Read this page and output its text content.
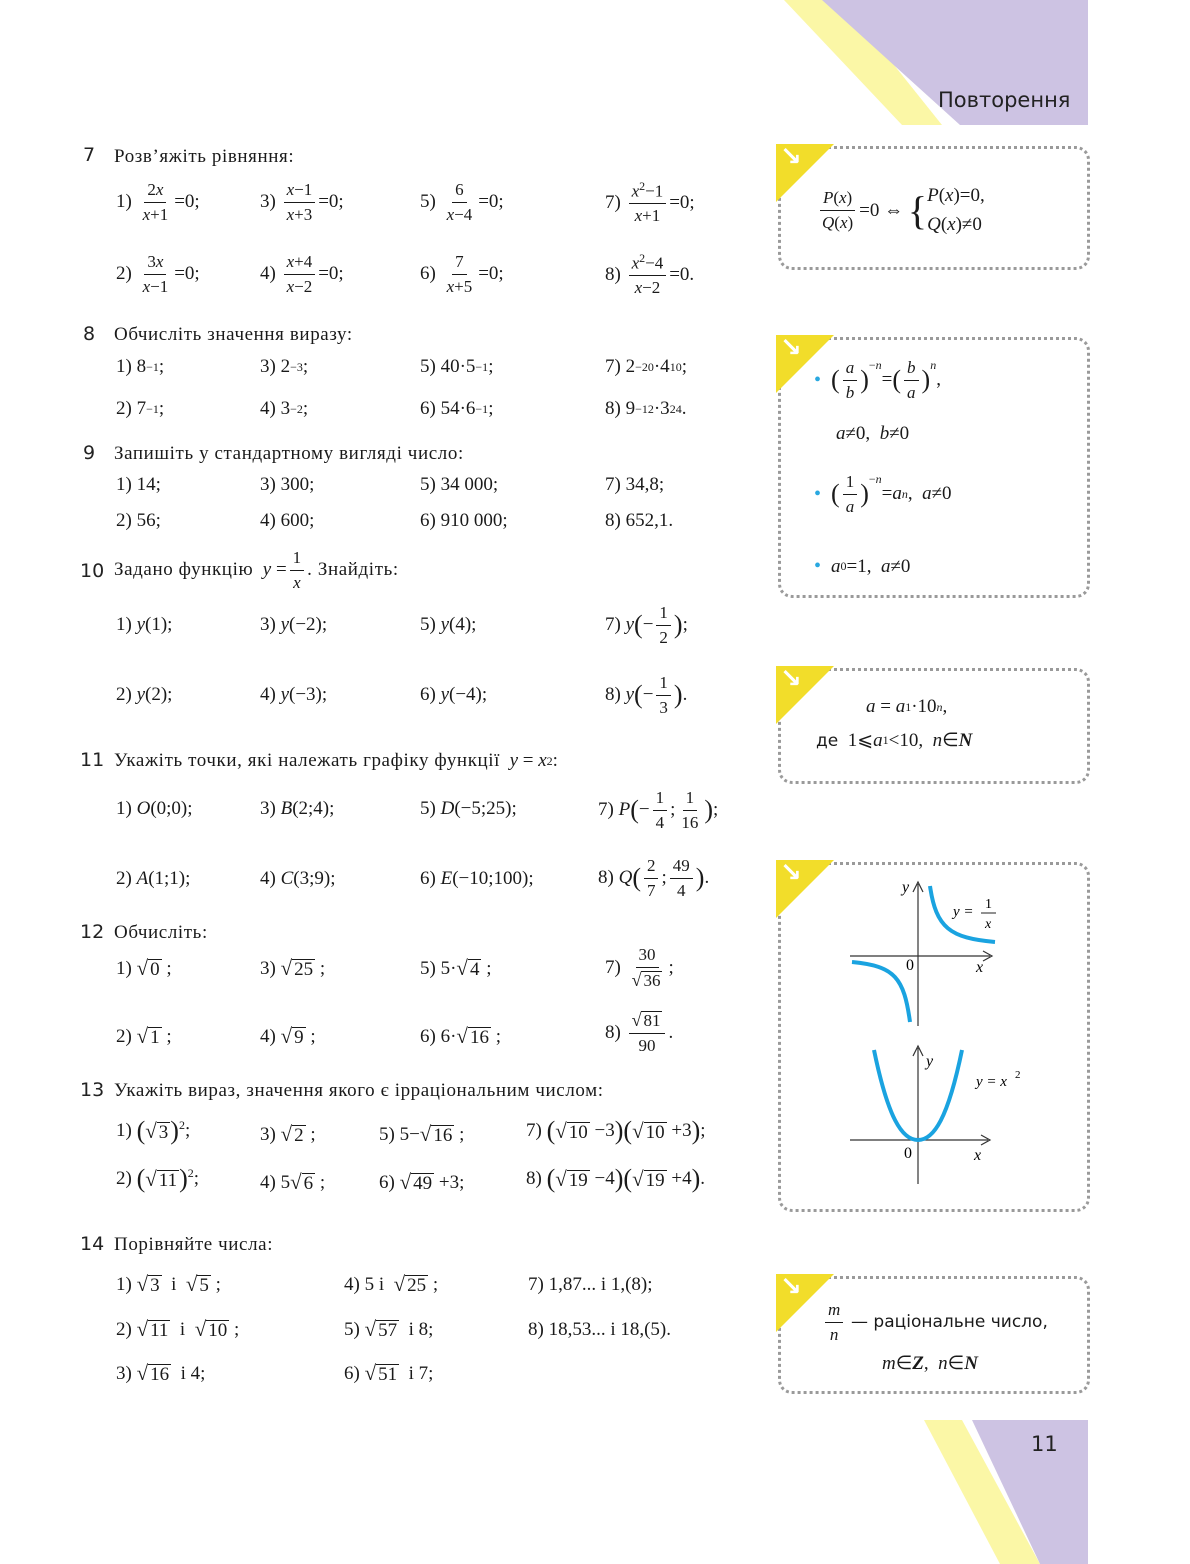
Повторення
11
7 Розв’яжіть рівняння:
$1) \frac{2x}{x+1} =0$;	$3) \frac{x-1}{x+3} =0$;	$5) \frac{6}{x-4} =0$;	$7) \frac{x^2-1}{x+1} =0$;
$2) \frac{3x}{x-1} =0$;	$4) \frac{x+4}{x-2} =0$;	$6) \frac{7}{x+5} =0$;	$8) \frac{x^2-4}{x-2} =0$.
8 Обчисліть значення виразу:
1) 8 −1 ;	3) 2 −3 ;	5) 40·5 −1 ;	7) 2 −20 ·4 10 ;
2) 7 −1 ;	4) 3 −2 ;	6) 54·6 −1 ;	8) 9 −12 ·3 24 .
9 Запишіть у стандартному вигляді число:
1) 14;	3) 300;	5) 34 000;	7) 34,8;
2) 56;	4) 600;	6) 910 000;	8) 652,1.
10 Задано функцію
$y = \frac{1}{x}$ . Знайдіть:
1) y (1);	3) y (−2);	5) y (4);	7) y ( − $\frac{1}{2}$ ) ;
2) y (2);	4) y (−3);	6) y (−4);	8) y ( − $\frac{1}{3}$ ) .
11 Укажіть точки, які належать графіку функції
y = x 2 :
1) O (0;0);	3) B (2;4);	5) D (−5;25);	7) P ( − $\frac{1}{4}$ ; $\frac{1}{16}$ ) ;
2) A (1;1);	4) C (3;9);	6) E (−10;100);	8) Q ( $\frac{2}{7}$ ; $\frac{49}{4}$ ) .
12 Обчисліть:
1) √ 0 ;	3) √ 25 ;	5) 5· √ 4 ;	$7) \frac{30}{√ 36}$ ;
2) √ 1 ;	4) √ 9 ;	6) 6· √ 16 ;	$8) \frac{√ 81}{90}$ .
13 Укажіть вираз, значення якого є ірраціональним числом:
1) ( √ 3 )$^2$ ;	3) √ 2 ;	5) 5− √ 16 ;	7) ( √ 10 −3 )( √ 10 +3 ) ;
2) ( √ 11 )$^2$ ;	4) 5 √ 6 ;	6) √ 49 +3;	8) ( √ 19 −4 )( √ 19 +4 ) .
14 Порівняйте числа:
1) √ 3 і √ 5 ;	4) 5 і √ 25 ;	7) 1,87... і 1,(8);
2) √ 11 і √ 10 ;	5) √ 57 і 8;	8) 18,53... і 18,(5).
3) √ 16 і 4;	6) √ 51 і 7;
↘
$\frac{P(x)}{Q(x)} =0$ ⇔ { P(x)=0,
Q(x)≠0
↘
• ( $\frac{a}{b}$ )
$^{-n}$
= ( $\frac{b}{a}$ )
$^n$
,
a ≠0, b ≠0
• ( $\frac{1}{a}$ )
$^{-n}$
= a n , a ≠0
• a 0 =1, a ≠0
↘
a = a 1 ·10 n ,
де 1⩽ a 1 <10, n ∈ N
↘	y
0	x
y = 1
x
y
0	x
y = x 2
↘
$\frac{m}{n}$
— раціональне число,
m ∈ Z , n ∈ N
